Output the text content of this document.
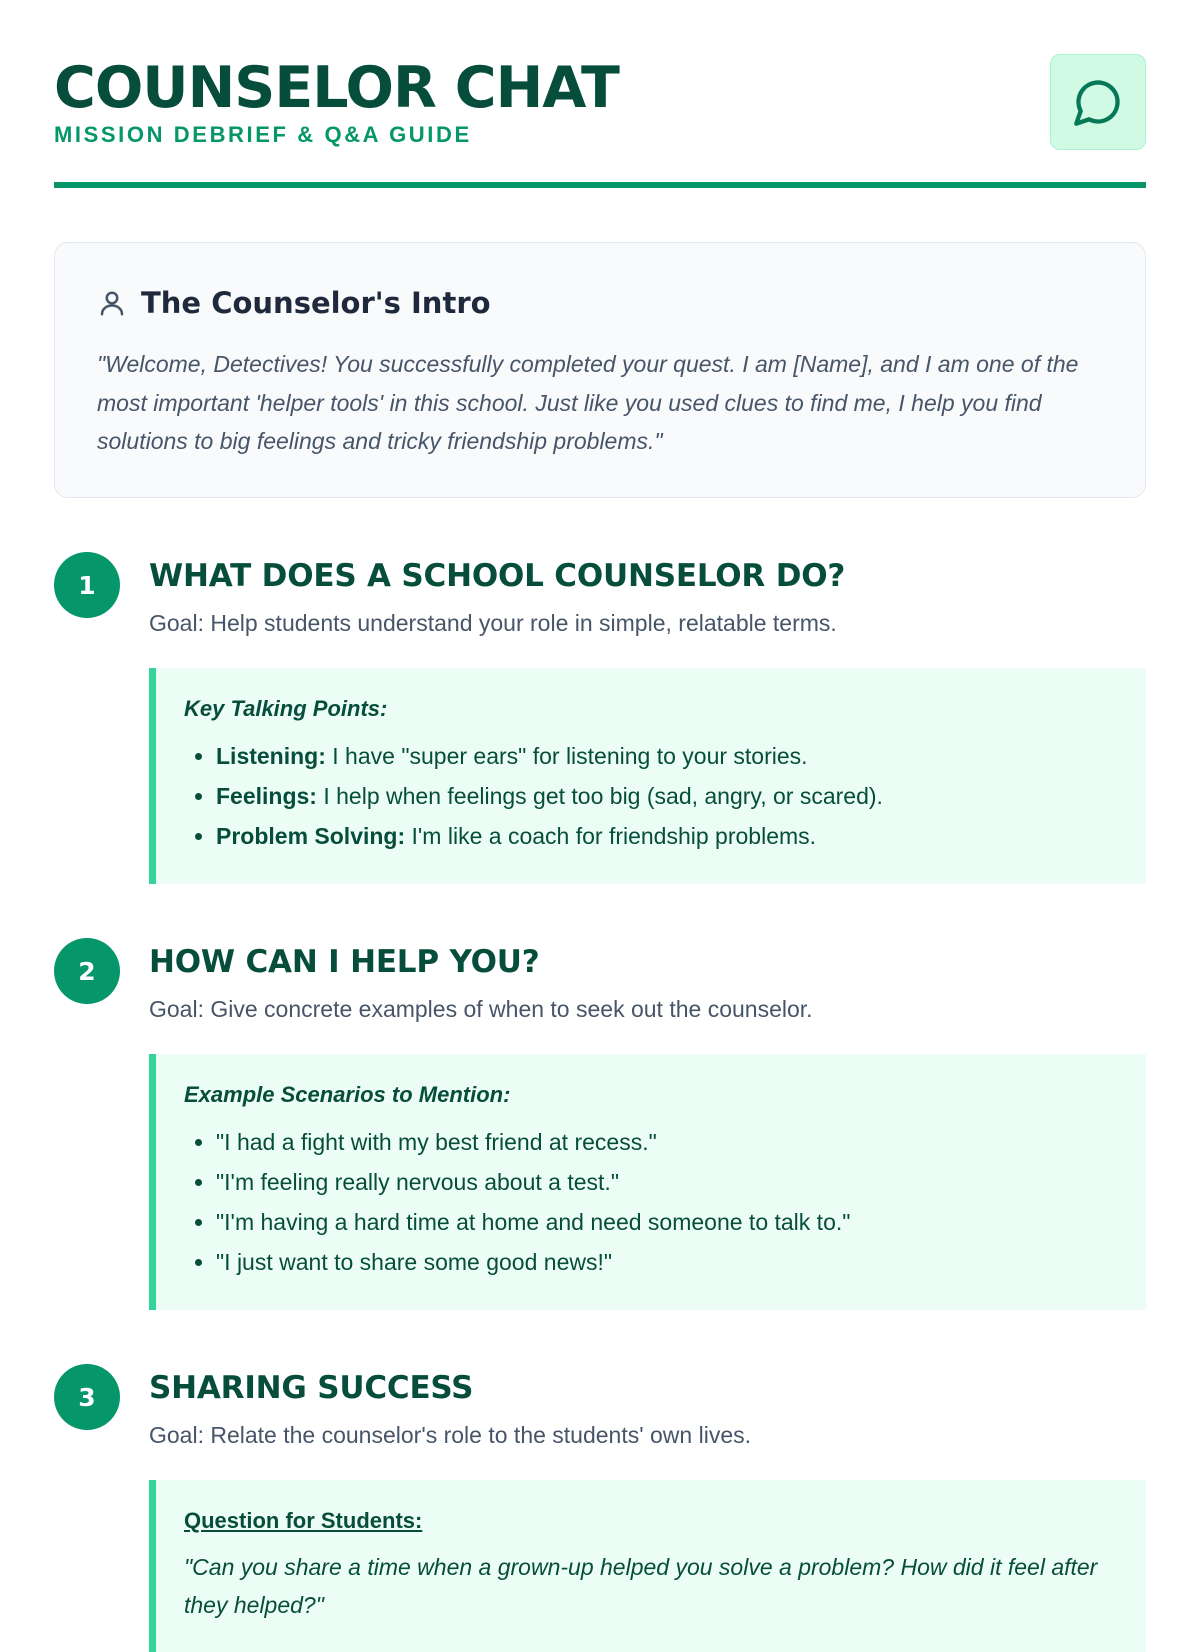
COUNSELOR CHAT

MISSION DEBRIEF & Q&A GUIDE

The Counselor's Intro

"Welcome, Detectives! You successfully completed your quest. I am [Name], and I am one of the most important 'helper tools' in this school. Just like you used clues to find me, I help you find solutions to big feelings and tricky friendship problems."

1	WHAT DOES A SCHOOL COUNSELOR DO?

Goal: Help students understand your role in simple, relatable terms.

Key Talking Points:

• Listening: I have "super ears" for listening to your stories.
• Feelings: I help when feelings get too big (sad, angry, or scared).
• Problem Solving: I'm like a coach for friendship problems.
2	HOW CAN I HELP YOU?

Goal: Give concrete examples of when to seek out the counselor.

Example Scenarios to Mention:

• "I had a fight with my best friend at recess."
• "I'm feeling really nervous about a test."
• "I'm having a hard time at home and need someone to talk to."
• "I just want to share some good news!"
3	SHARING SUCCESS

Goal: Relate the counselor's role to the students' own lives.

Question for Students:

"Can you share a time when a grown-up helped you solve a problem? How did it feel after they helped?"
